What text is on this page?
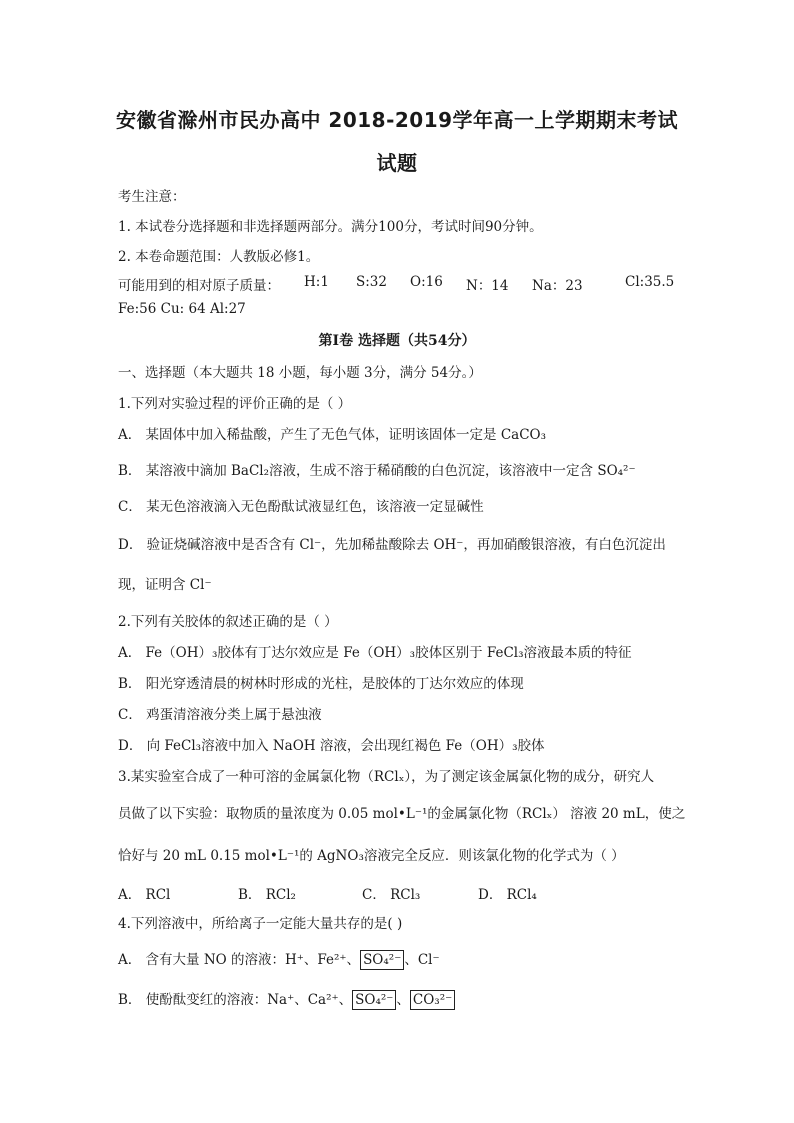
安徽省滁州市民办高中 2018-2019学年高一上学期期末考试
试题
考生注意：
1. 本试卷分选择题和非选择题两部分。满分100分，考试时间90分钟。
2. 本卷命题范围：人教版必修1。
可能用到的相对原子质量： H:1 S:32 O:16 N：14 Na：23	Cl:35.5
Fe:56 Cu: 64 Al:27
第I卷 选择题（共54分）
一、选择题（本大题共 18 小题，每小题 3分，满分 54分。）
1.下列对实验过程的评价正确的是（ ）
A． 某固体中加入稀盐酸，产生了无色气体，证明该固体一定是 CaCO₃
B． 某溶液中滴加 BaCl₂溶液，生成不溶于稀硝酸的白色沉淀，该溶液中一定含 SO₄²⁻
C． 某无色溶液滴入无色酚酞试液显红色，该溶液一定显碱性
D． 验证烧碱溶液中是否含有 Cl⁻，先加稀盐酸除去 OH⁻，再加硝酸银溶液，有白色沉淀出
现，证明含 Cl⁻
2.下列有关胶体的叙述正确的是（ ）
A． Fe（OH）₃胶体有丁达尔效应是 Fe（OH）₃胶体区别于 FeCl₃溶液最本质的特征
B． 阳光穿透清晨的树林时形成的光柱，是胶体的丁达尔效应的体现
C． 鸡蛋清溶液分类上属于悬浊液
D． 向 FeCl₃溶液中加入 NaOH 溶液，会出现红褐色 Fe（OH）₃胶体
3.某实验室合成了一种可溶的金属氯化物（RClₓ），为了测定该金属氯化物的成分，研究人
员做了以下实验：取物质的量浓度为 0.05 mol•L⁻¹的金属氯化物（RClₓ） 溶液 20 mL，使之
恰好与 20 mL 0.15 mol•L⁻¹的 AgNO₃溶液完全反应．则该氯化物的化学式为（ ）
A． RCl	B． RCl₂	C． RCl₃	D． RCl₄
4.下列溶液中，所给离子一定能大量共存的是( )
A． 含有大量 NO 的溶液：H⁺、Fe²⁺、 SO₄²⁻ 、Cl⁻
B． 使酚酞变红的溶液：Na⁺、Ca²⁺、 SO₄²⁻ 、 CO₃²⁻
